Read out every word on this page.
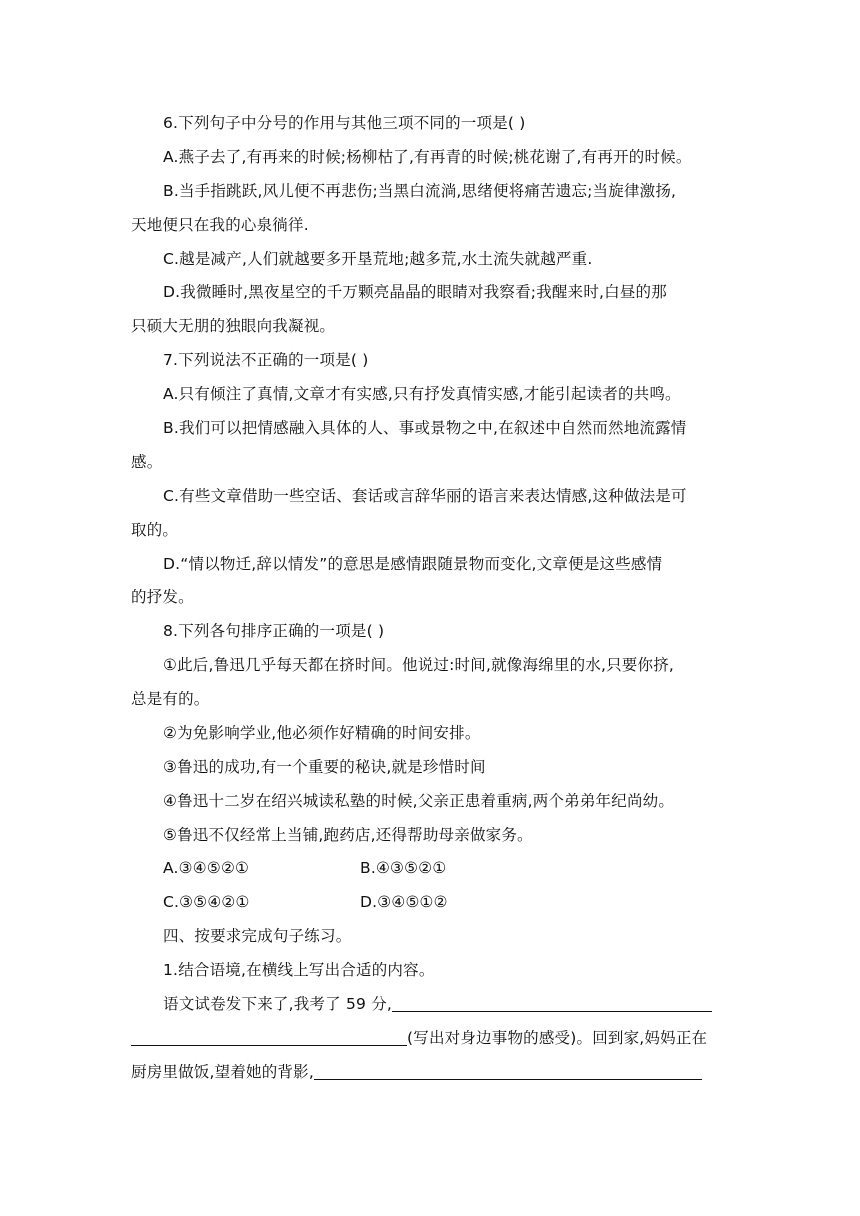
6.下列句子中分号的作用与其他三项不同的一项是( )
A.燕子去了,有再来的时候;杨柳枯了,有再青的时候;桃花谢了,有再开的时候。
B.当手指跳跃,风儿便不再悲伤;当黑白流淌,思绪便将痛苦遗忘;当旋律激扬,
天地便只在我的心泉徜徉.
C.越是减产,人们就越要多开垦荒地;越多荒,水土流失就越严重.
D.我微睡时,黑夜星空的千万颗亮晶晶的眼睛对我察看;我醒来时,白昼的那
只硕大无朋的独眼向我凝视。
7.下列说法不正确的一项是( )
A.只有倾注了真情,文章才有实感,只有抒发真情实感,才能引起读者的共鸣。
B.我们可以把情感融入具体的人、事或景物之中,在叙述中自然而然地流露情
感。
C.有些文章借助一些空话、套话或言辞华丽的语言来表达情感,这种做法是可
取的。
D.“情以物迁,辞以情发”的意思是感情跟随景物而变化,文章便是这些感情
的抒发。
8.下列各句排序正确的一项是( )
①此后,鲁迅几乎每天都在挤时间。他说过:时间,就像海绵里的水,只要你挤,
总是有的。
②为免影响学业,他必须作好精确的时间安排。
③鲁迅的成功,有一个重要的秘诀,就是珍惜时间
④鲁迅十二岁在绍兴城读私塾的时候,父亲正患着重病,两个弟弟年纪尚幼。
⑤鲁迅不仅经常上当铺,跑药店,还得帮助母亲做家务。
A.③④⑤②①	B.④③⑤②①
C.③⑤④②①	D.③④⑤①②
四、按要求完成句子练习。
1.结合语境,在横线上写出合适的内容。
语文试卷发下来了,我考了 59 分,
(写出对身边事物的感受)。回到家,妈妈正在
厨房里做饭,望着她的背影,
